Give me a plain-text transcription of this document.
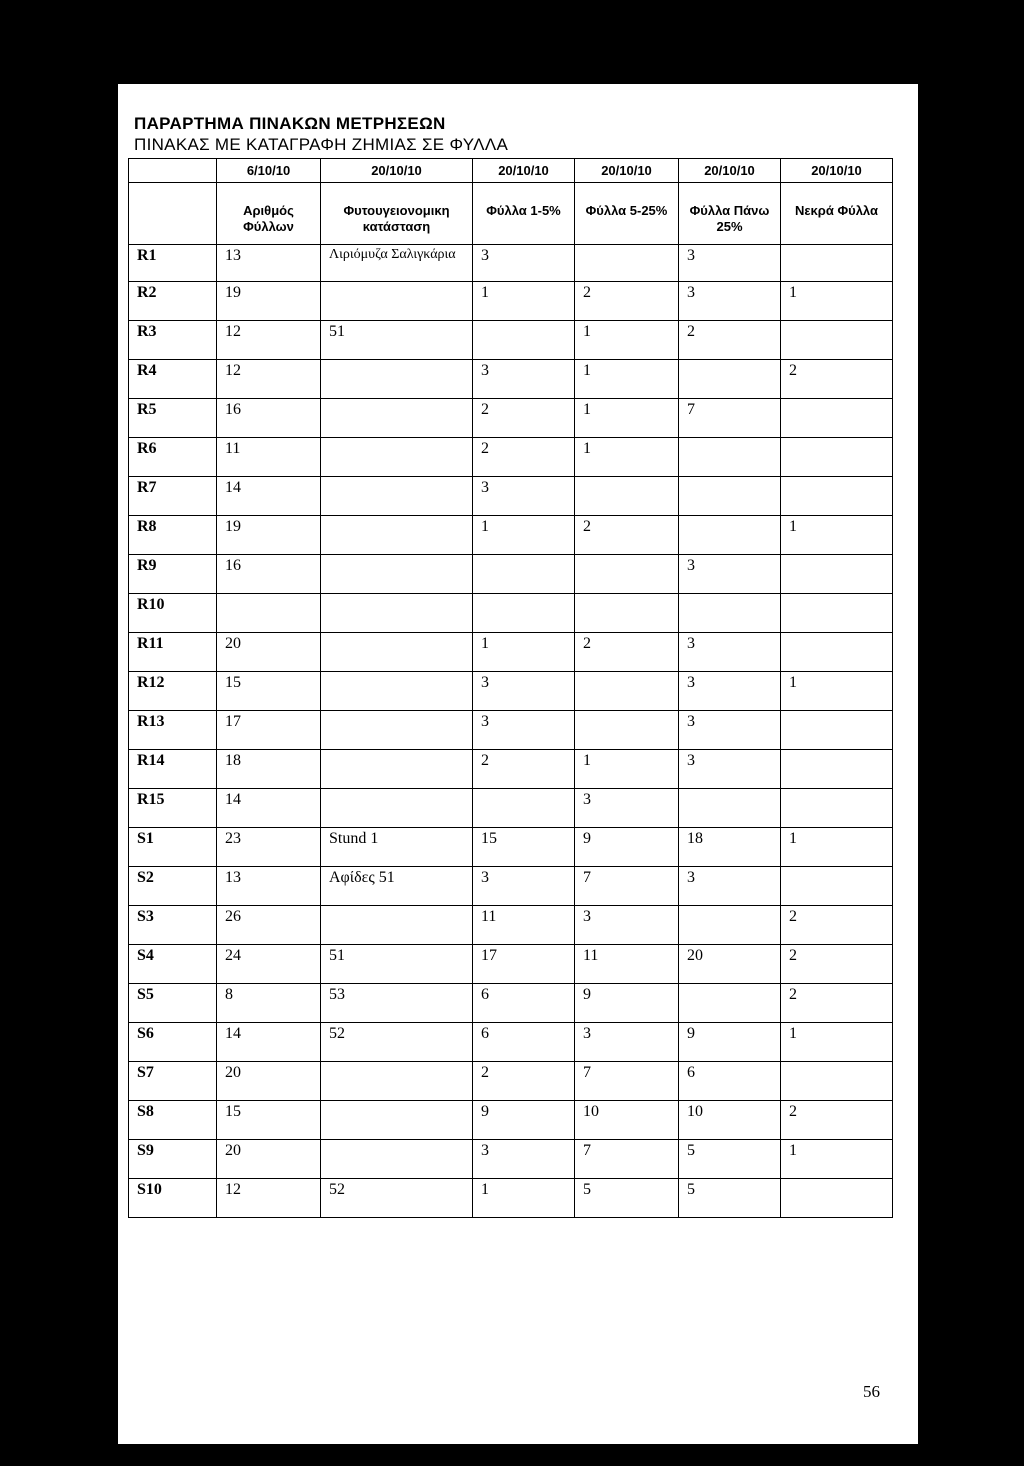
ΠΑΡΑΡΤΗΜΑ ΠΙΝΑΚΩΝ ΜΕΤΡΗΣΕΩΝ
ΠΙΝΑΚΑΣ ΜΕ ΚΑΤΑΓΡΑΦΗ ΖΗΜΙΑΣ ΣΕ ΦΥΛΛΑ
	6/10/10	20/10/10	20/10/10	20/10/10	20/10/10	20/10/10
	Αριθμός Φύλλων	Φυτουγειονομικη κατάσταση	Φύλλα 1-5%	Φύλλα 5-25%	Φύλλα Πάνω 25%	Νεκρά Φύλλα
R1	13	Λιριόμυζα Σαλιγκάρια	3		3	
R2	19		1	2	3	1
R3	12	51		1	2	
R4	12		3	1		2
R5	16		2	1	7	
R6	11		2	1		
R7	14		3			
R8	19		1	2		1
R9	16				3	
R10						
R11	20		1	2	3	
R12	15		3		3	1
R13	17		3		3	
R14	18		2	1	3	
R15	14			3		
S1	23	Stund 1	15	9	18	1
S2	13	Αφίδες 51	3	7	3	
S3	26		11	3		2
S4	24	51	17	11	20	2
S5	8	53	6	9		2
S6	14	52	6	3	9	1
S7	20		2	7	6	
S8	15		9	10	10	2
S9	20		3	7	5	1
S10	12	52	1	5	5	
56
